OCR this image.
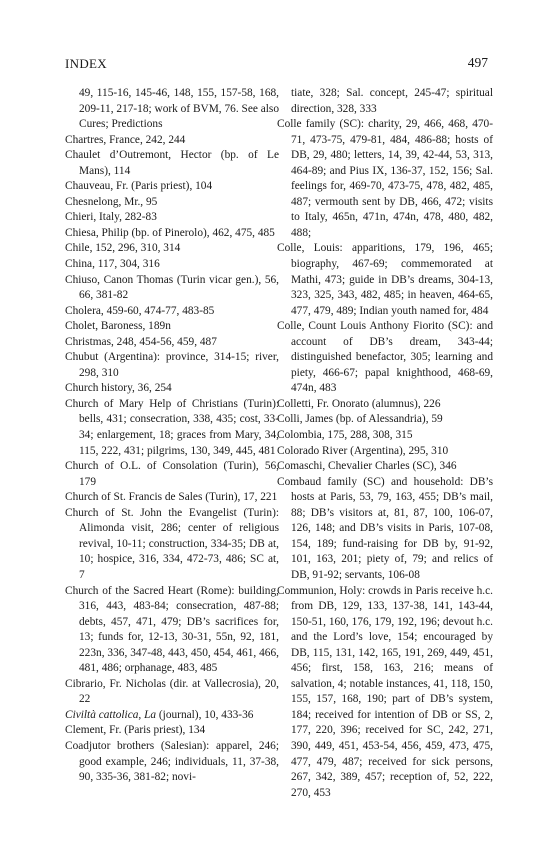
INDEX	497

49, 115-16, 145-46, 148, 155, 157-58, 168, 209-11, 217-18; work of BVM, 76. See also Cures; Predictions

Chartres, France, 242, 244

Chaulet d’Outremont, Hector (bp. of Le Mans), 114

Chauveau, Fr. (Paris priest), 104

Chesnelong, Mr., 95

Chieri, Italy, 282-83

Chiesa, Philip (bp. of Pinerolo), 462, 475, 485

Chile, 152, 296, 310, 314

China, 117, 304, 316

Chiuso, Canon Thomas (Turin vicar gen.), 56, 66, 381-82

Cholera, 459-60, 474-77, 483-85

Cholet, Baroness, 189n

Christmas, 248, 454-56, 459, 487

Chubut (Argentina): province, 314-15; river, 298, 310

Church history, 36, 254

Church of Mary Help of Christians (Turin): bells, 431; consecration, 338, 435; cost, 33-34; enlargement, 18; graces from Mary, 34, 115, 222, 431; pilgrims, 130, 349, 445, 481

Church of O.L. of Consolation (Turin), 56, 179

Church of St. Francis de Sales (Turin), 17, 221

Church of St. John the Evangelist (Turin): Alimonda visit, 286; center of religious revival, 10-11; construction, 334-35; DB at, 10; hospice, 316, 334, 472-73, 486; SC at, 7

Church of the Sacred Heart (Rome): building, 316, 443, 483-84; consecration, 487-88; debts, 457, 471, 479; DB’s sacrifices for, 13; funds for, 12-13, 30-31, 55n, 92, 181, 223n, 336, 347-48, 443, 450, 454, 461, 466, 481, 486; orphanage, 483, 485

Cibrario, Fr. Nicholas (dir. at Vallecrosia), 20, 22

Civiltà cattolica, La (journal), 10, 433-36

Clement, Fr. (Paris priest), 134

Coadjutor brothers (Salesian): apparel, 246; good example, 246; individuals, 11, 37-38, 90, 335-36, 381-82; novi-

tiate, 328; Sal. concept, 245-47; spiritual direction, 328, 333

Colle family (SC): charity, 29, 466, 468, 470-71, 473-75, 479-81, 484, 486-88; hosts of DB, 29, 480; letters, 14, 39, 42-44, 53, 313, 464-89; and Pius IX, 136-37, 152, 156; Sal. feelings for, 469-70, 473-75, 478, 482, 485, 487; vermouth sent by DB, 466, 472; visits to Italy, 465n, 471n, 474n, 478, 480, 482, 488;

Colle, Louis: apparitions, 179, 196, 465; biography, 467-69; commemorated at Mathi, 473; guide in DB’s dreams, 304-13, 323, 325, 343, 482, 485; in heaven, 464-65, 477, 479, 489; Indian youth named for, 484

Colle, Count Louis Anthony Fiorito (SC): and account of DB’s dream, 343-44; distinguished benefactor, 305; learning and piety, 466-67; papal knighthood, 468-69, 474n, 483

Colletti, Fr. Onorato (alumnus), 226

Colli, James (bp. of Alessandria), 59

Colombia, 175, 288, 308, 315

Colorado River (Argentina), 295, 310

Comaschi, Chevalier Charles (SC), 346

Combaud family (SC) and household: DB’s hosts at Paris, 53, 79, 163, 455; DB’s mail, 88; DB’s visitors at, 81, 87, 100, 106-07, 126, 148; and DB’s visits in Paris, 107-08, 154, 189; fund-raising for DB by, 91-92, 101, 163, 201; piety of, 79; and relics of DB, 91-92; servants, 106-08

Communion, Holy: crowds in Paris receive h.c. from DB, 129, 133, 137-38, 141, 143-44, 150-51, 160, 176, 179, 192, 196; devout h.c. and the Lord’s love, 154; encouraged by DB, 115, 131, 142, 165, 191, 269, 449, 451, 456; first, 158, 163, 216; means of salvation, 4; notable instances, 41, 118, 150, 155, 157, 168, 190; part of DB’s system, 184; received for intention of DB or SS, 2, 177, 220, 396; received for SC, 242, 271, 390, 449, 451, 453-54, 456, 459, 473, 475, 477, 479, 487; received for sick persons, 267, 342, 389, 457; reception of, 52, 222, 270, 453
